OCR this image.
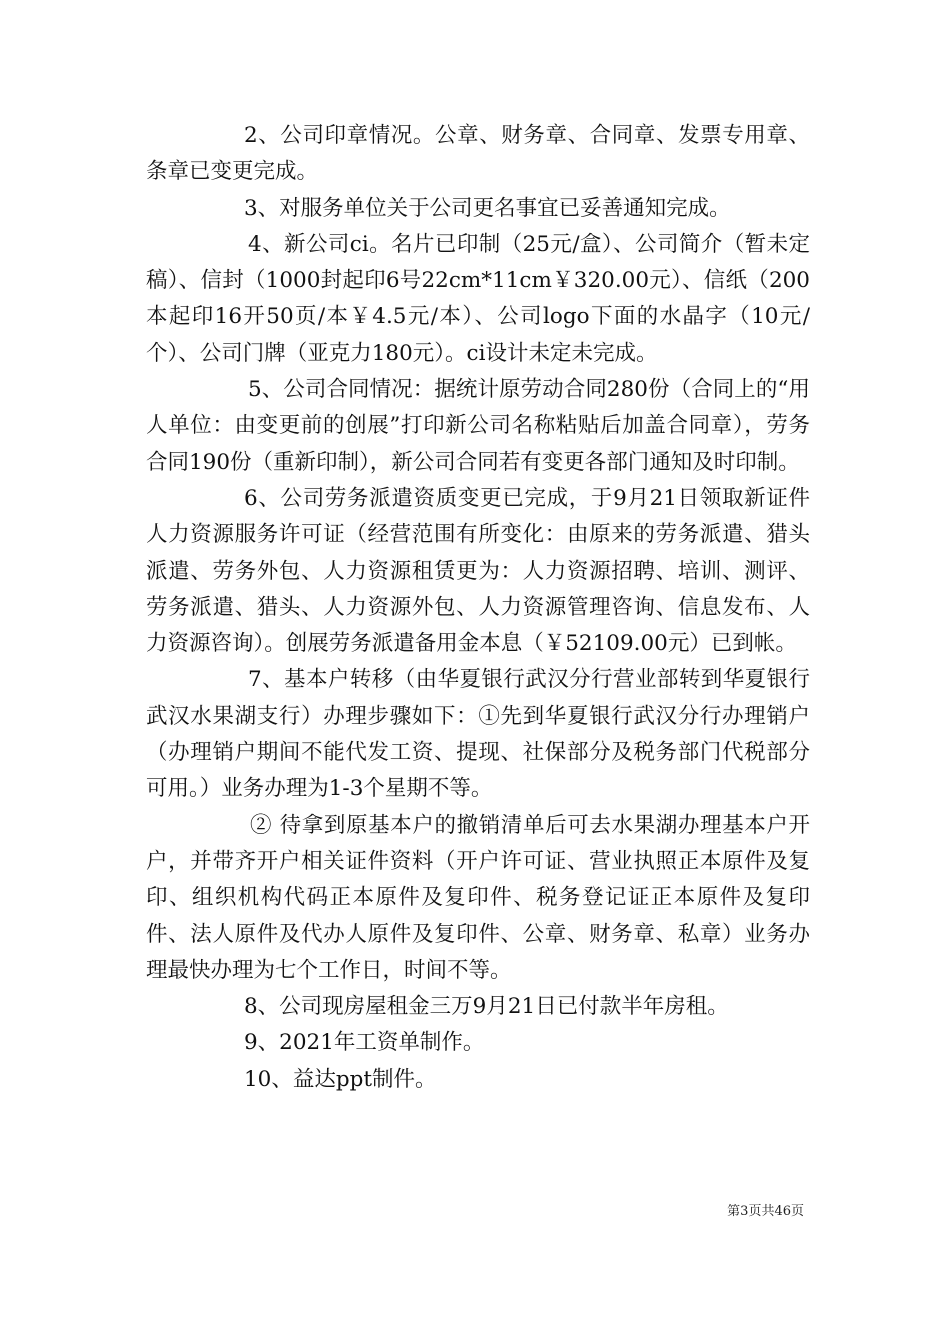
2、公司印章情况。公章、财务章、合同章、发票专用章、条章已变更完成。

3、对服务单位关于公司更名事宜已妥善通知完成。

4、新公司ci。名片已印制（25元/盒）、公司简介（暂未定稿）、信封（1000封起印6号22cm*11cm￥320.00元）、信纸（200本起印16开50页/本￥4.5元/本）、公司logo下面的水晶字（10元/个）、公司门牌（亚克力180元）。ci设计未定未完成。

5、公司合同情况：据统计原劳动合同280份（合同上的“用人单位：由变更前的创展”打印新公司名称粘贴后加盖合同章），劳务合同190份（重新印制），新公司合同若有变更各部门通知及时印制。

6、公司劳务派遣资质变更已完成，于9月21日领取新证件人力资源服务许可证（经营范围有所变化：由原来的劳务派遣、猎头派遣、劳务外包、人力资源租赁更为：人力资源招聘、培训、测评、劳务派遣、猎头、人力资源外包、人力资源管理咨询、信息发布、人力资源咨询）。创展劳务派遣备用金本息（￥52109.00元）已到帐。

7、基本户转移（由华夏银行武汉分行营业部转到华夏银行武汉水果湖支行）办理步骤如下：①先到华夏银行武汉分行办理销户（办理销户期间不能代发工资、提现、社保部分及税务部门代税部分可用。）业务办理为1-3个星期不等。

② 待拿到原基本户的撤销清单后可去水果湖办理基本户开户，并带齐开户相关证件资料（开户许可证、营业执照正本原件及复印、组织机构代码正本原件及复印件、税务登记证正本原件及复印件、法人原件及代办人原件及复印件、公章、财务章、私章）业务办理最快办理为七个工作日，时间不等。

8、公司现房屋租金三万9月21日已付款半年房租。

9、2021年工资单制作。

10、益达ppt制件。

第3页共46页
